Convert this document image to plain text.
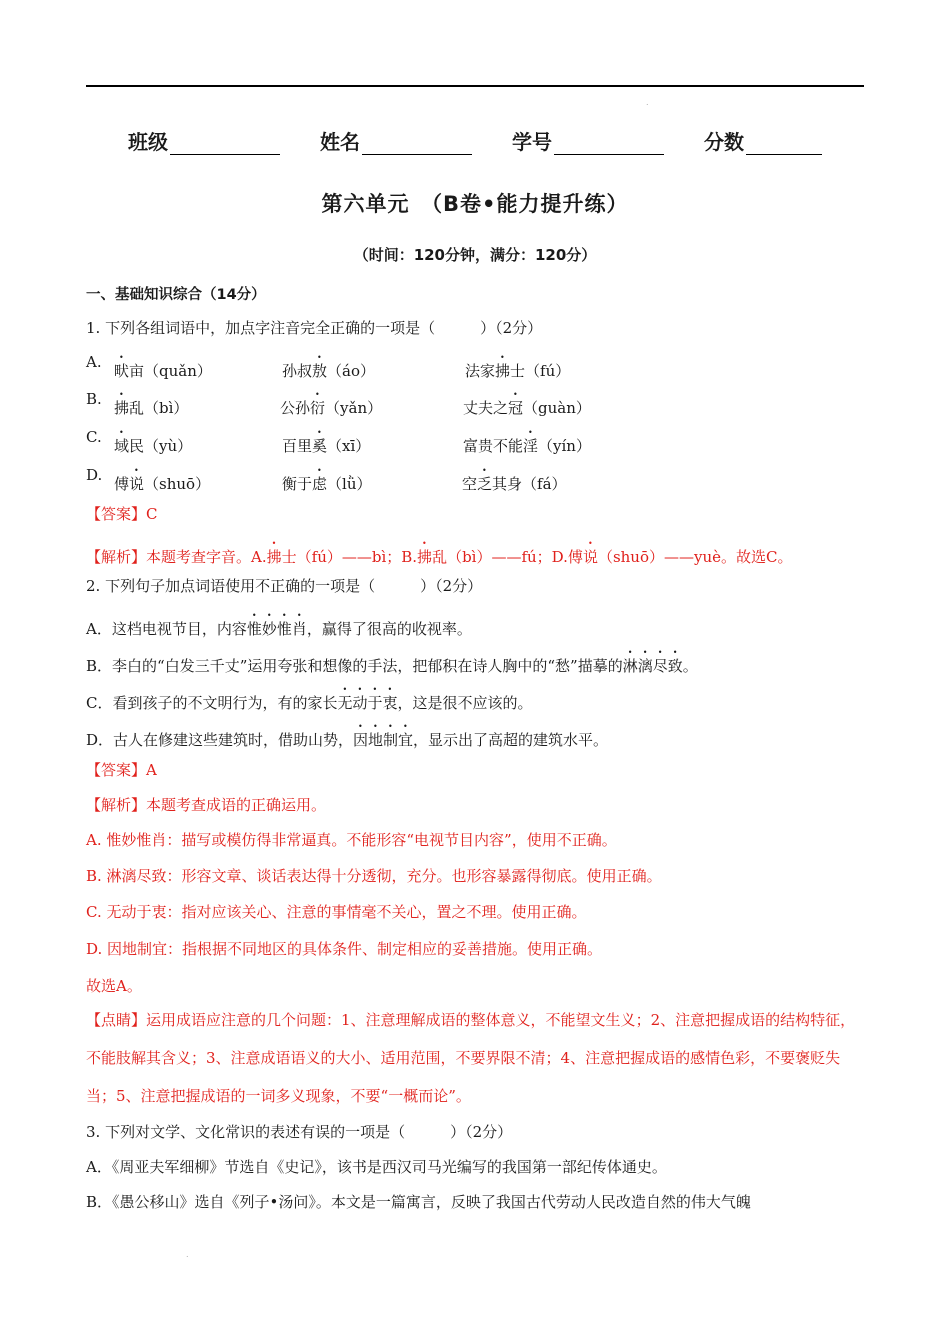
.
班级	姓名	学号	分数
第六单元　（B卷•能力提升练）
（时间：120分钟，满分：120分）
一、基础知识综合（14分）
1. 下列各组词语中，加点字注音完全正确的一项是（　　　）（2分）
A. 畎亩（quǎn）	孙叔敖（áo）	法家拂士（fú）
B. 拂乱（bì）	公孙衍（yǎn）	丈夫之冠（guàn）
C. 域民（yù）	百里奚（xī）	富贵不能淫（yín）
D. 傅说（shuō）	衡于虑（lǜ）	空乏其身（fá）
【答案】C
【解析】本题考查字音。A.拂士（fú）——bì；B.拂乱（bì）——fú；D.傅说（shuō）——yuè。故选C。
2. 下列句子加点词语使用不正确的一项是（　　　）（2分）
A．这档电视节目，内容惟妙惟肖，赢得了很高的收视率。
B．李白的“白发三千丈”运用夸张和想像的手法，把郁积在诗人胸中的“愁”描摹的淋漓尽致。
C．看到孩子的不文明行为，有的家长无动于衷，这是很不应该的。
D．古人在修建这些建筑时，借助山势，因地制宜，显示出了高超的建筑水平。
【答案】A
【解析】本题考查成语的正确运用。
A. 惟妙惟肖：描写或模仿得非常逼真。不能形容“电视节目内容”，使用不正确。
B. 淋漓尽致：形容文章、谈话表达得十分透彻，充分。也形容暴露得彻底。使用正确。
C. 无动于衷：指对应该关心、注意的事情毫不关心，置之不理。使用正确。
D. 因地制宜：指根据不同地区的具体条件、制定相应的妥善措施。使用正确。
故选A。
【点睛】运用成语应注意的几个问题：1、注意理解成语的整体意义，不能望文生义；2、注意把握成语的结构特征，不能肢解其含义；3、注意成语语义的大小、适用范围，不要界限不清；4、注意把握成语的感情色彩，不要褒贬失当；5、注意把握成语的一词多义现象，不要“一概而论”。
3. 下列对文学、文化常识的表述有误的一项是（　　　）（2分）
A．《周亚夫军细柳》节选自《史记》，该书是西汉司马光编写的我国第一部纪传体通史。
B．《愚公移山》选自《列子•汤问》。本文是一篇寓言，反映了我国古代劳动人民改造自然的伟大气魄
.
